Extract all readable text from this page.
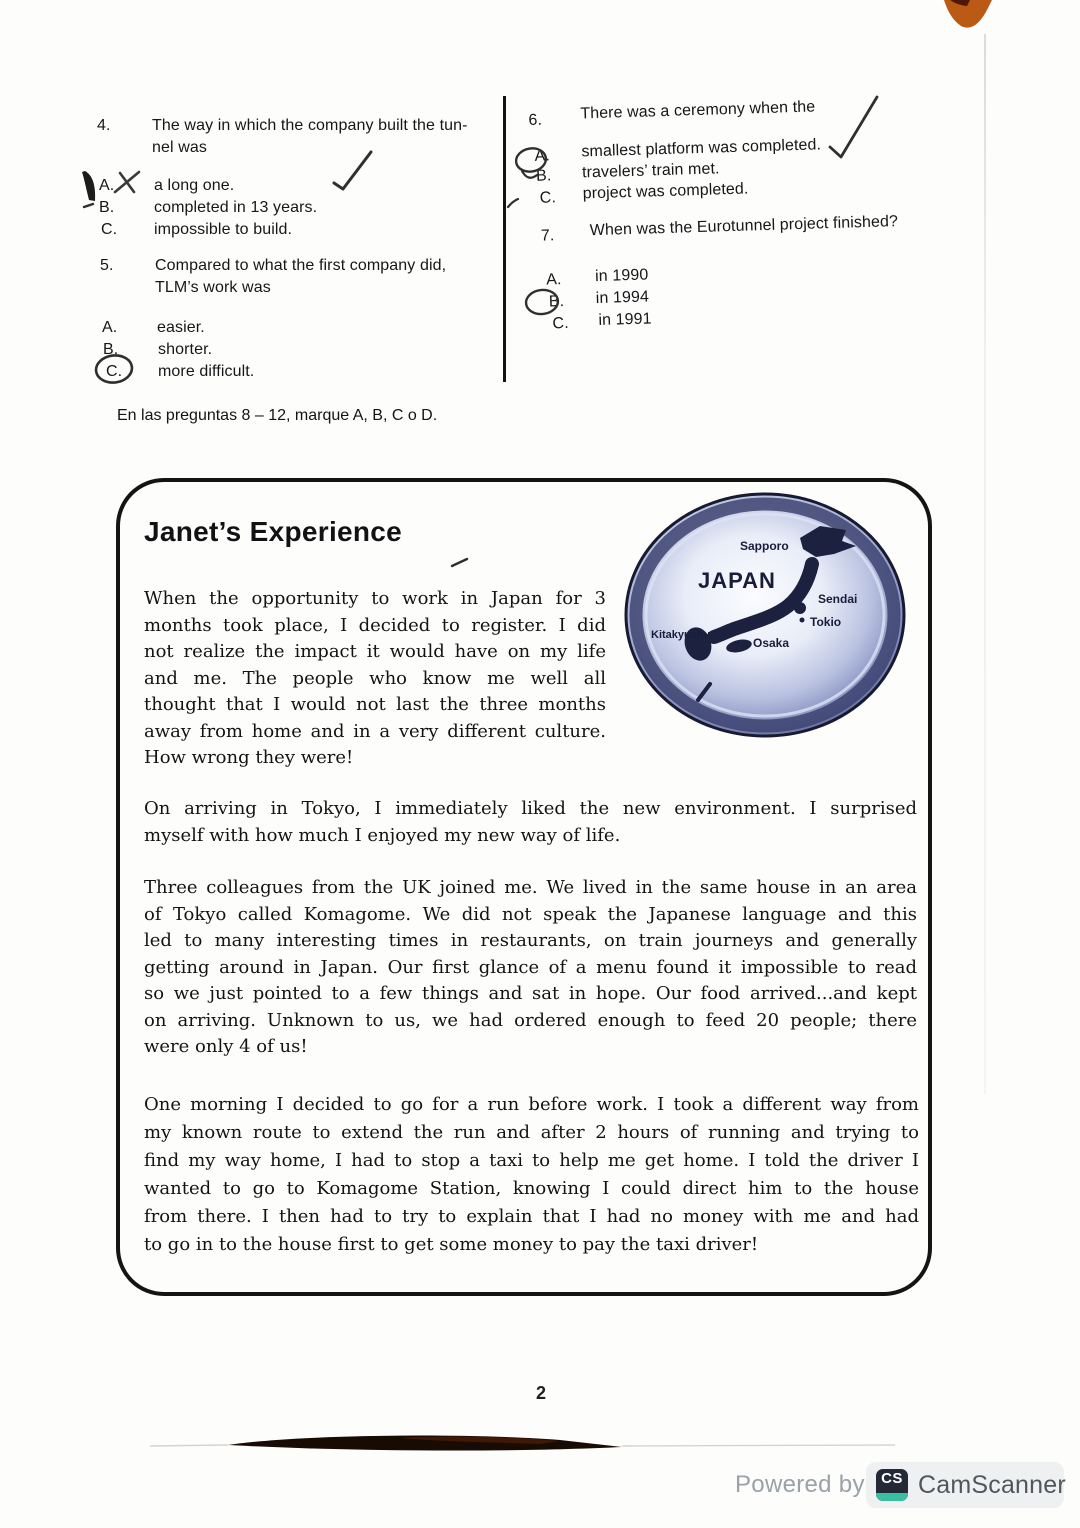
4.	The way in which the company built the tun-
nel was
A. a long one.
B. completed in 13 years.
C. impossible to build.
5.	Compared to what the first company did,
TLM’s work was
A. easier.
B. shorter.
C. more difficult.
6. There was a ceremony when the
A. smallest platform was completed.
B. travelers’ train met.
C. project was completed.
7. When was the Eurotunnel project finished?
A. in 1990
B. in 1994
C. in 1991
En las preguntas 8 – 12, marque A, B, C o D.
Janet’s Experience
JAPAN
Sapporo
Sendai
Tokio
Osaka
Kitakyushu
When the opportunity to work in Japan for 3
months took place, I decided to register. I did
not realize the impact it would have on my life
and me. The people who know me well all
thought that I would not last the three months
away from home and in a very different culture.
How wrong they were!
On arriving in Tokyo, I immediately liked the new environment. I surprised
myself with how much I enjoyed my new way of life.
Three colleagues from the UK joined me. We lived in the same house in an area
of Tokyo called Komagome. We did not speak the Japanese language and this
led to many interesting times in restaurants, on train journeys and generally
getting around in Japan. Our first glance of a menu found it impossible to read
so we just pointed to a few things and sat in hope. Our food arrived...and kept
on arriving. Unknown to us, we had ordered enough to feed 20 people; there
were only 4 of us!
One morning I decided to go for a run before work. I took a different way from
my known route to extend the run and after 2 hours of running and trying to
find my way home, I had to stop a taxi to help me get home. I told the driver I
wanted to go to Komagome Station, knowing I could direct him to the house
from there. I then had to try to explain that I had no money with me and had
to go in to the house first to get some money to pay the taxi driver!
2
Powered by	CS CamScanner
